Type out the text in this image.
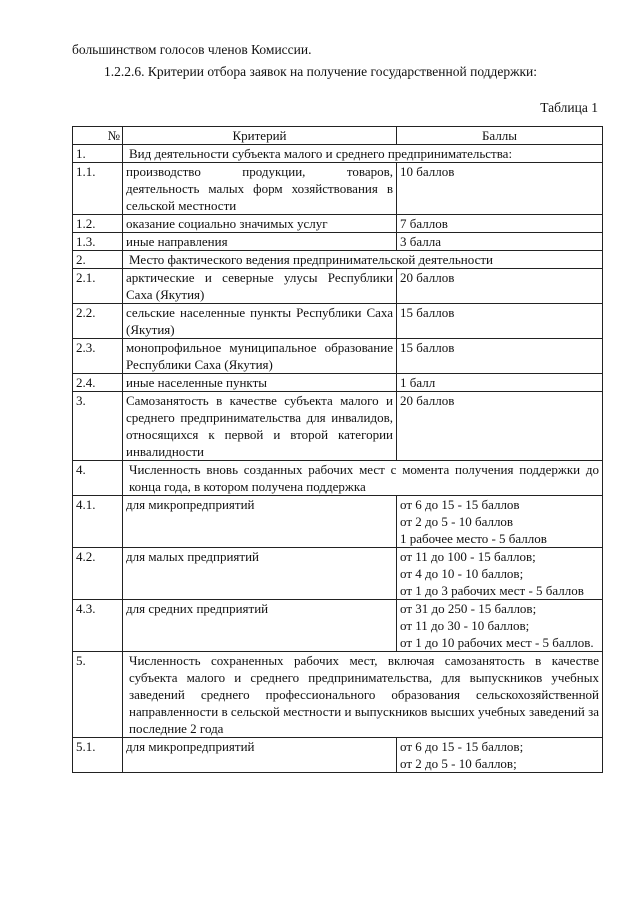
большинством голосов членов Комиссии.
1.2.2.6. Критерии отбора заявок на получение государственной поддержки:
Таблица 1
№	Критерий	Баллы
1.	Вид деятельности субъекта малого и среднего предпринимательства:	
1.1.	производство продукции, товаров, деятельность малых форм хозяйствования в сельской местности	10 баллов
1.2.	оказание социально значимых услуг	7 баллов
1.3.	иные направления	3 балла
2.	Место фактического ведения предпринимательской деятельности	
2.1.	арктические и северные улусы Республики Саха (Якутия)	20 баллов
2.2.	сельские населенные пункты Республики Саха (Якутия)	15 баллов
2.3.	монопрофильное муниципальное образование Республики Саха (Якутия)	15 баллов
2.4.	иные населенные пункты	1 балл
3.	Самозанятость в качестве субъекта малого и среднего предпринимательства для инвалидов, относящихся к первой и второй категории инвалидности	20 баллов
4.	Численность вновь созданных рабочих мест с момента получения поддержки до конца года, в котором получена поддержка	
4.1.	для микропредприятий	от 6 до 15 - 15 баллов
от 2 до 5 - 10 баллов
1 рабочее место - 5 баллов

4.2.	для малых предприятий	от 11 до 100 - 15 баллов;
от 4 до 10 - 10 баллов;
от 1 до 3 рабочих мест - 5 баллов

4.3.	для средних предприятий	от 31 до 250 - 15 баллов;
от 11 до 30 - 10 баллов;
от 1 до 10 рабочих мест - 5 баллов.

5.	Численность сохраненных рабочих мест, включая самозанятость в качестве субъекта малого и среднего предпринимательства, для выпускников учебных заведений среднего профессионального образования сельскохозяйственной направленности в сельской местности и выпускников высших учебных заведений за последние 2 года	
5.1.	для микропредприятий	от 6 до 15 - 15 баллов;
от 2 до 5 - 10 баллов;
